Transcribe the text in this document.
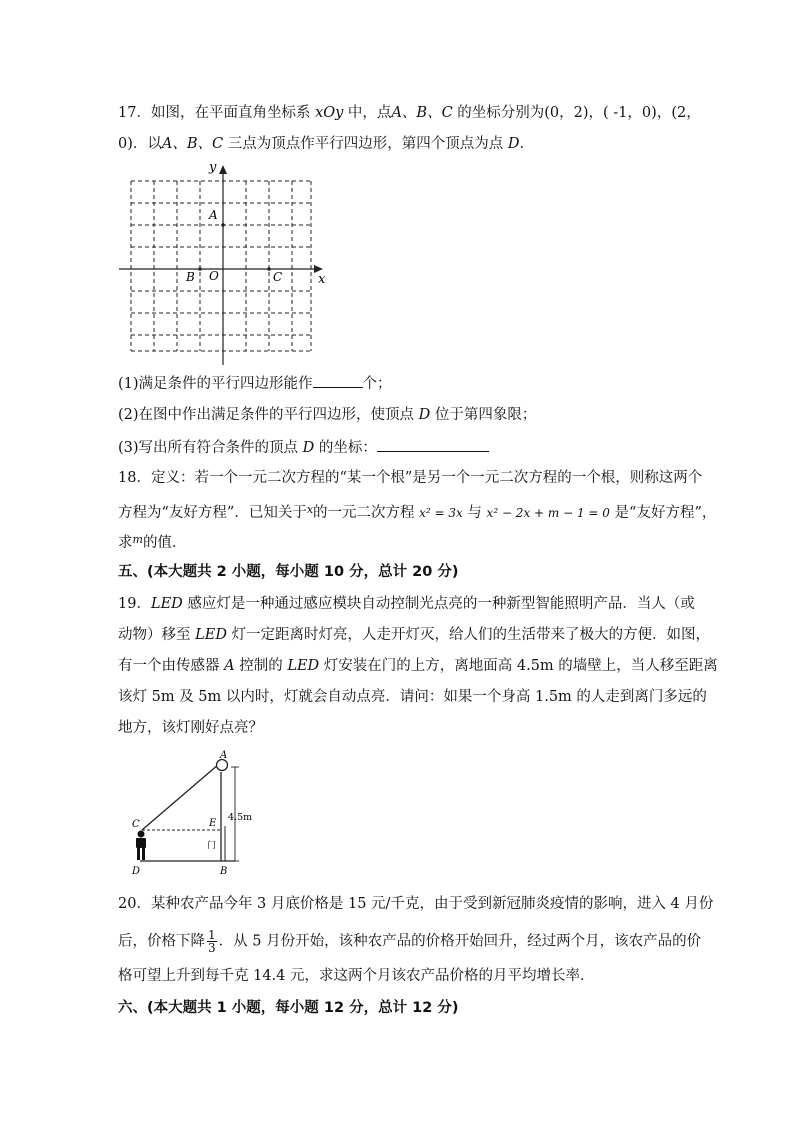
17．如图，在平面直角坐标系 xOy 中，点A、B、C 的坐标分别为(0，2)，( -1，0)，(2，
0)．以A、B、C 三点为顶点作平行四边形，第四个顶点为点 D．
y
x
A
B O	C
(1)满足条件的平行四边形能作	个；
(2)在图中作出满足条件的平行四边形，使顶点 D 位于第四象限；
(3)写出所有符合条件的顶点 D 的坐标：
18．定义：若一个一元二次方程的“某一个根”是另一个一元二次方程的一个根，则称这两个
方程为“友好方程”．已知关于$^x$的一元二次方程 x² = 3x 与 x² − 2x + m − 1 = 0 是“友好方程”，
求$^m$的值．
五、(本大题共 2 小题，每小题 10 分，总计 20 分)
19．LED 感应灯是一种通过感应模块自动控制光点亮的一种新型智能照明产品．当人（或
动物）移至 LED 灯一定距离时灯亮，人走开灯灭，给人们的生活带来了极大的方便．如图，
有一个由传感器 A 控制的 LED 灯安装在门的上方，离地面高 4.5m 的墙壁上，当人移至距离
该灯 5m 及 5m 以内时，灯就会自动点亮．请问：如果一个身高 1.5m 的人走到离门多远的
地方，该灯刚好点亮？
A
C	E
D	B
4.5m
门
20．某种农产品今年 3 月底价格是 15 元/千克，由于受到新冠肺炎疫情的影响，进入 4 月份
后，价格下降 $\frac{1}{3}$ ．从 5 月份开始，该种农产品的价格开始回升，经过两个月，该农产品的价
格可望上升到每千克 14.4 元，求这两个月该农产品价格的月平均增长率．
六、(本大题共 1 小题，每小题 12 分，总计 12 分)
